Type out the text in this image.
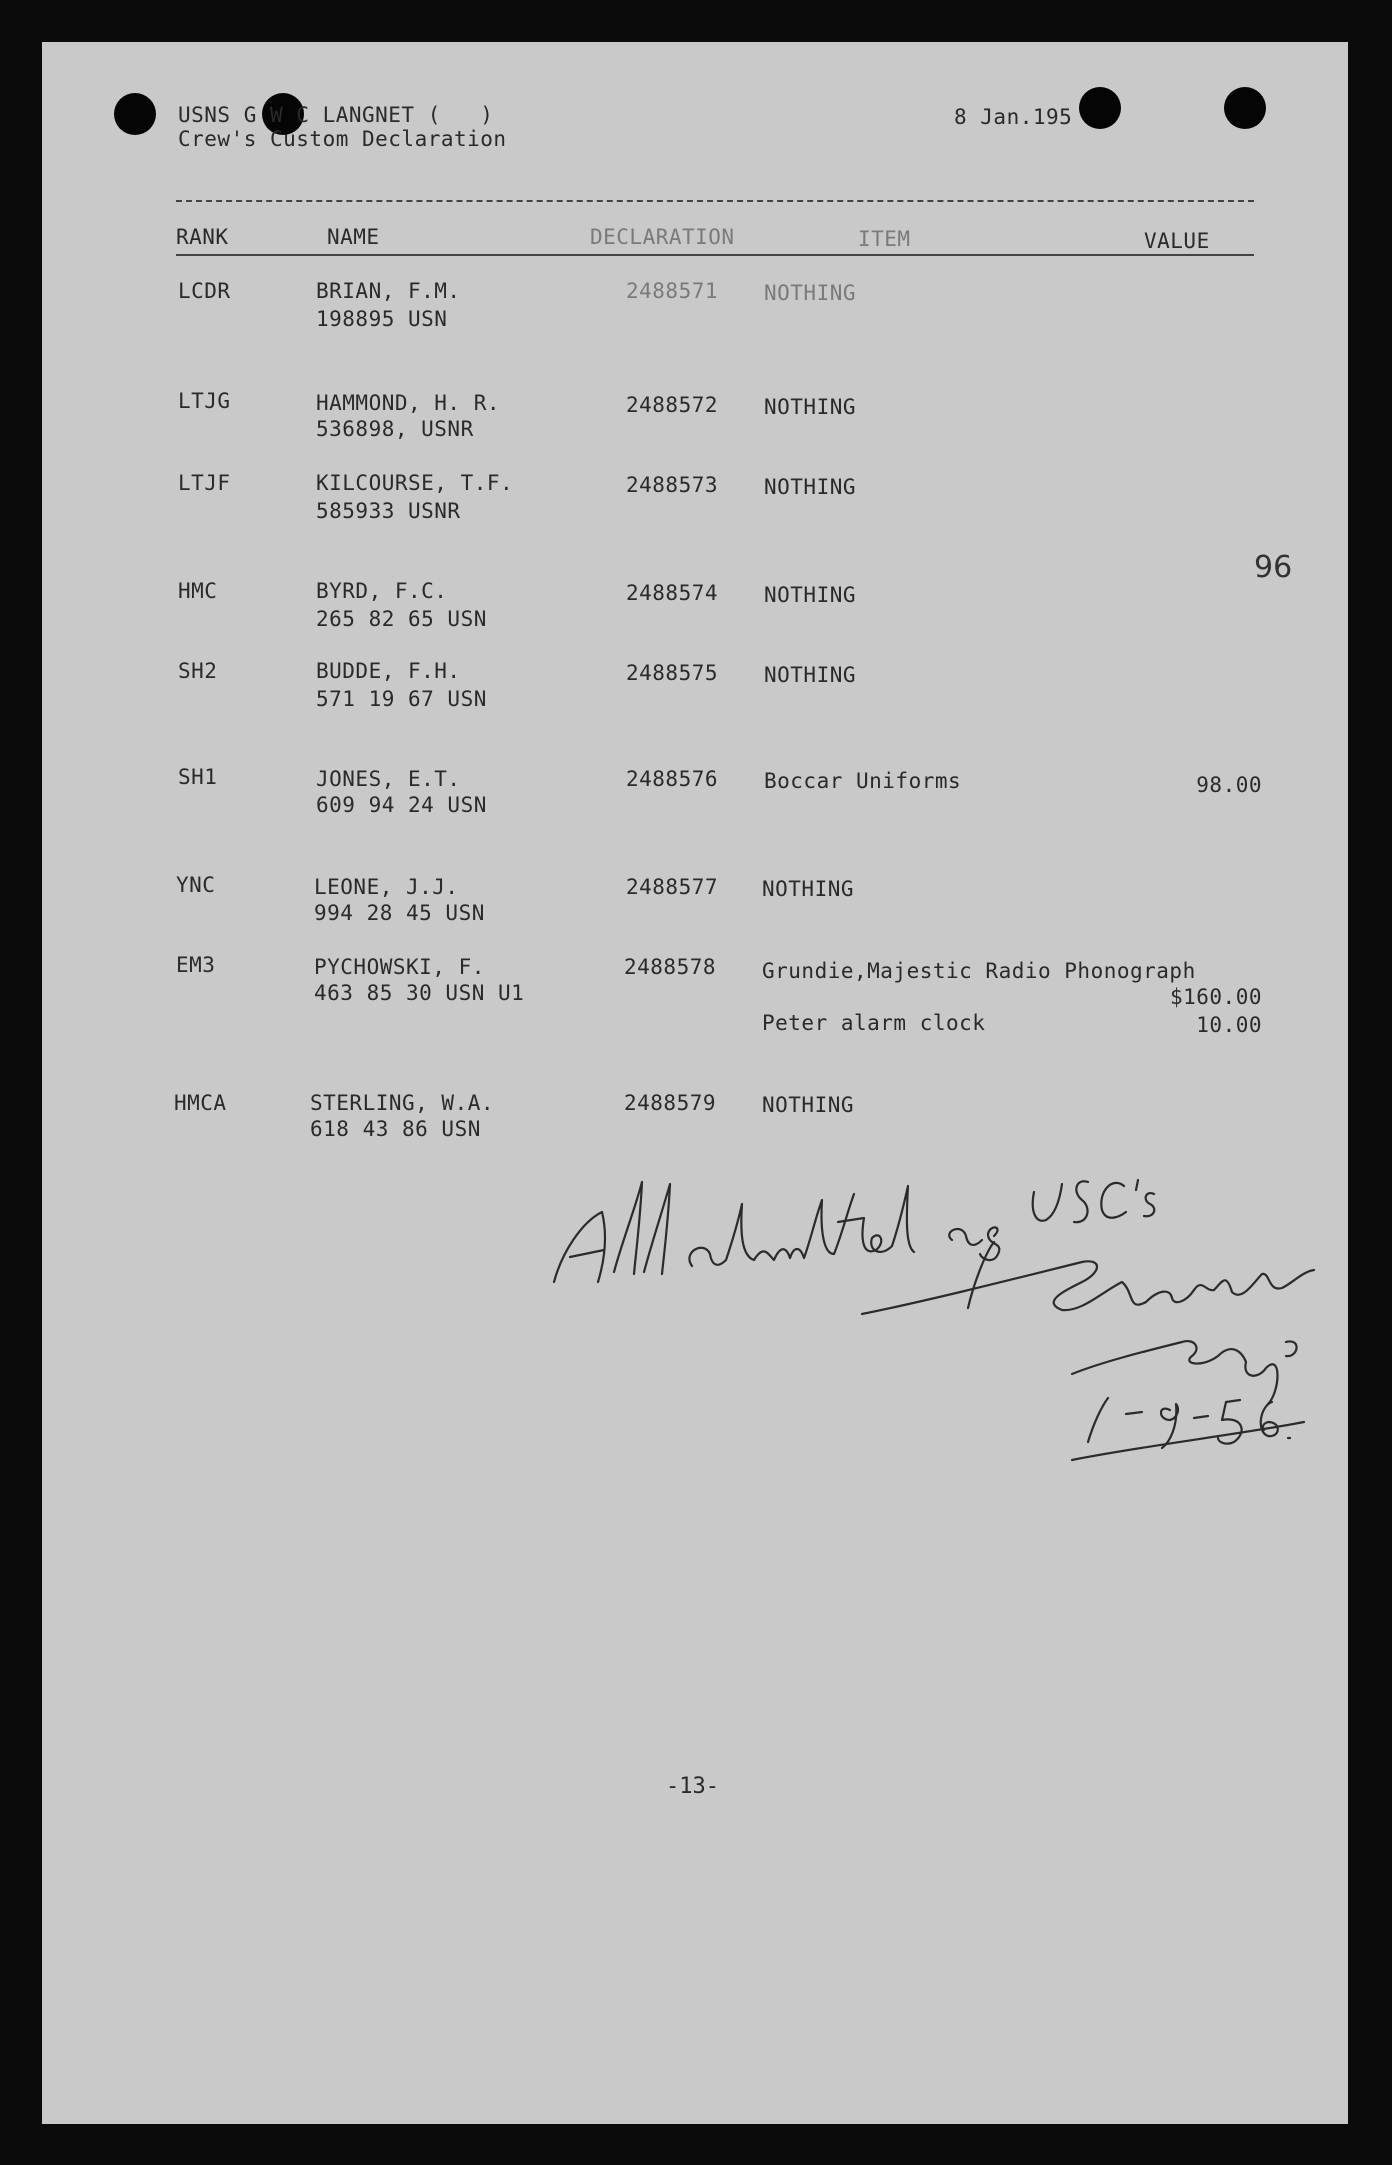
USNS G W C LANGNET (   )
Crew's Custom Declaration
8 Jan.195
RANK	NAME	DECLARATION	ITEM	VALUE
LCDR	BRIAN, F.M.
198895 USN
2488571 NOTHING
LTJG	HAMMOND, H. R.
536898, USNR
2488572 NOTHING
LTJF	KILCOURSE, T.F.
585933 USNR
2488573 NOTHING
HMC	BYRD, F.C.
265 82 65 USN
2488574 NOTHING
SH2	BUDDE, F.H.
571 19 67 USN
2488575 NOTHING
SH1	JONES, E.T.
609 94 24 USN
2488576 Boccar Uniforms	98.00
YNC	LEONE, J.J.
994 28 45 USN
2488577 NOTHING
EM3	PYCHOWSKI, F.
463 85 30 USN U1
2488578 Grundie,Majestic Radio Phonograph
$160.00
Peter alarm clock	10.00
HMCA	STERLING, W.A.
618 43 86 USN
2488579 NOTHING
96
-13-
